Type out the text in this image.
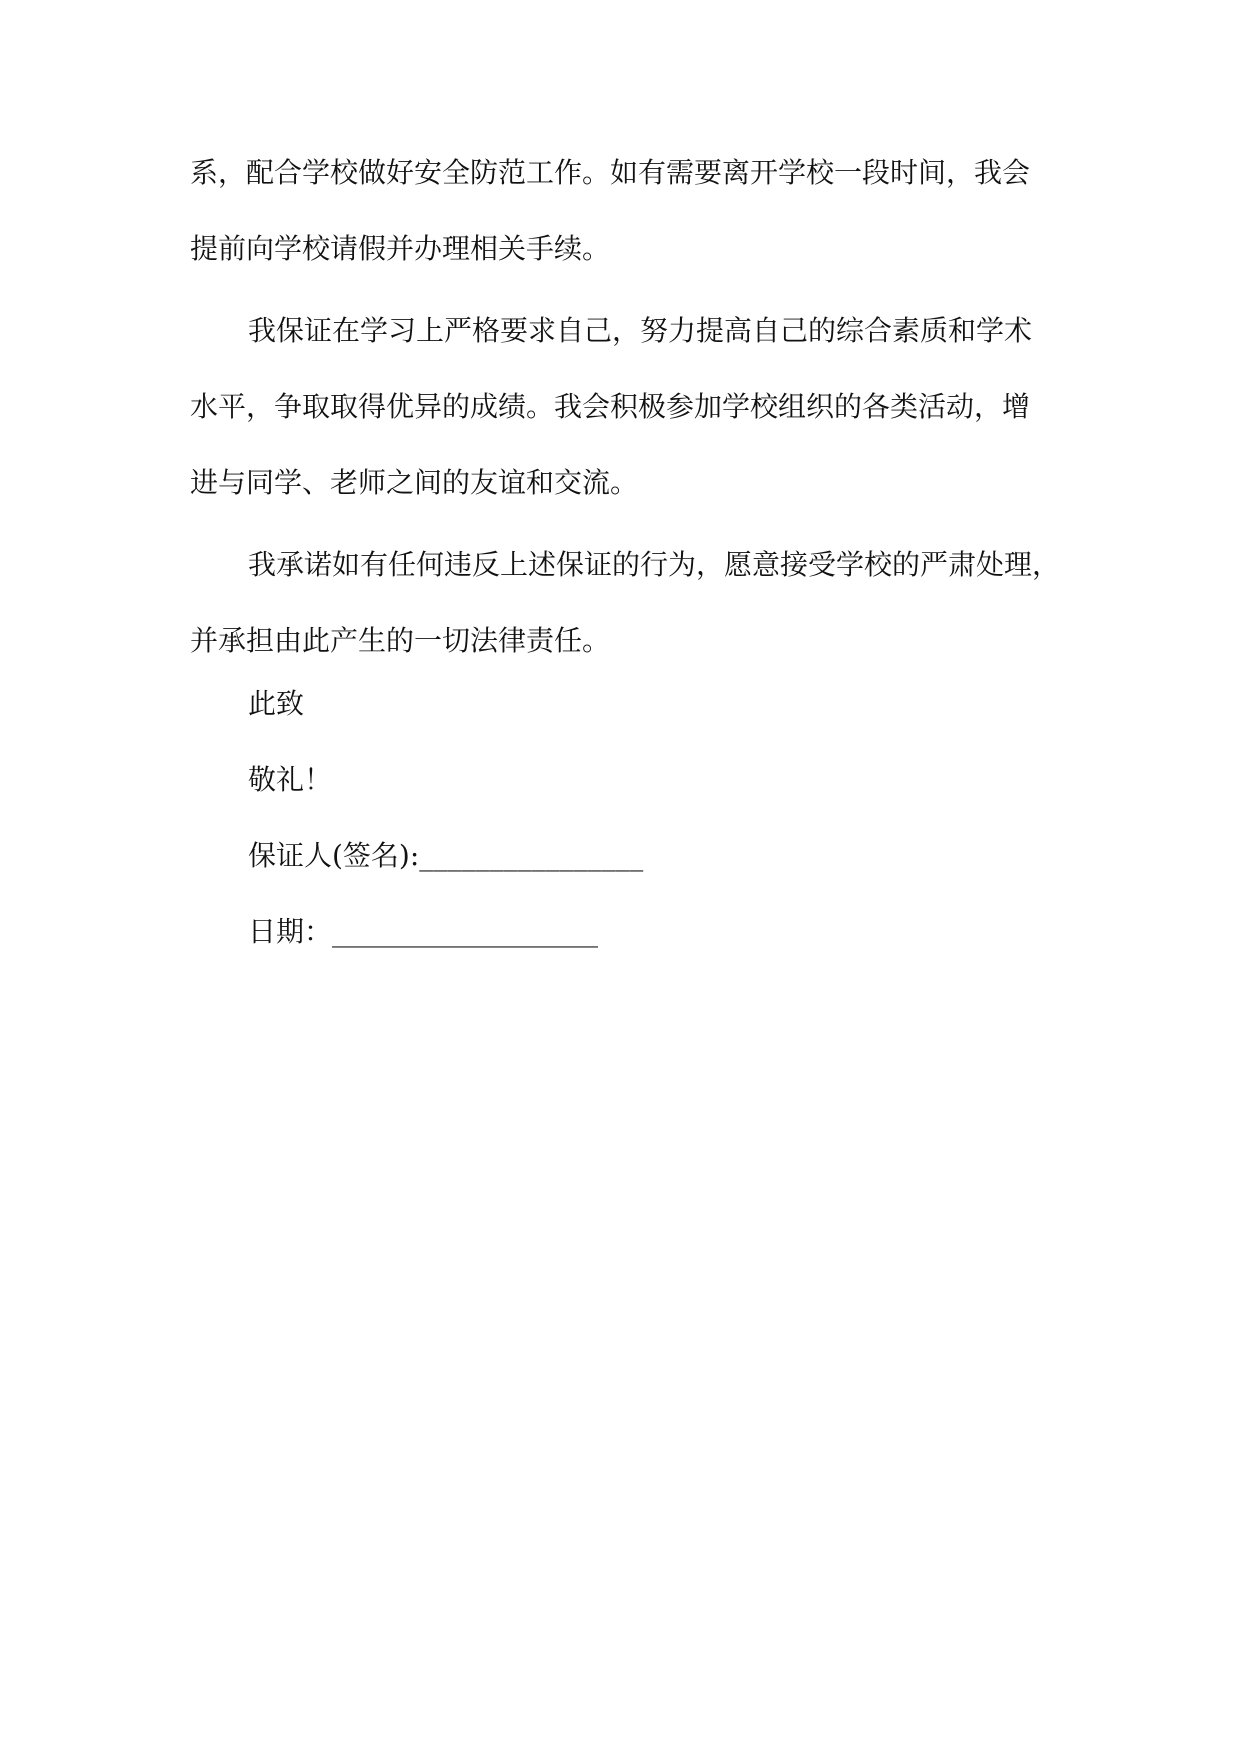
系，配合学校做好安全防范工作。如有需要离开学校一段时间，我会
提前向学校请假并办理相关手续。
我保证在学习上严格要求自己，努力提高自己的综合素质和学术
水平，争取取得优异的成绩。我会积极参加学校组织的各类活动，增
进与同学、老师之间的友谊和交流。
我承诺如有任何违反上述保证的行为，愿意接受学校的严肃处理，
并承担由此产生的一切法律责任。
此致
敬礼！
保证人(签名):________________
日期：___________________
